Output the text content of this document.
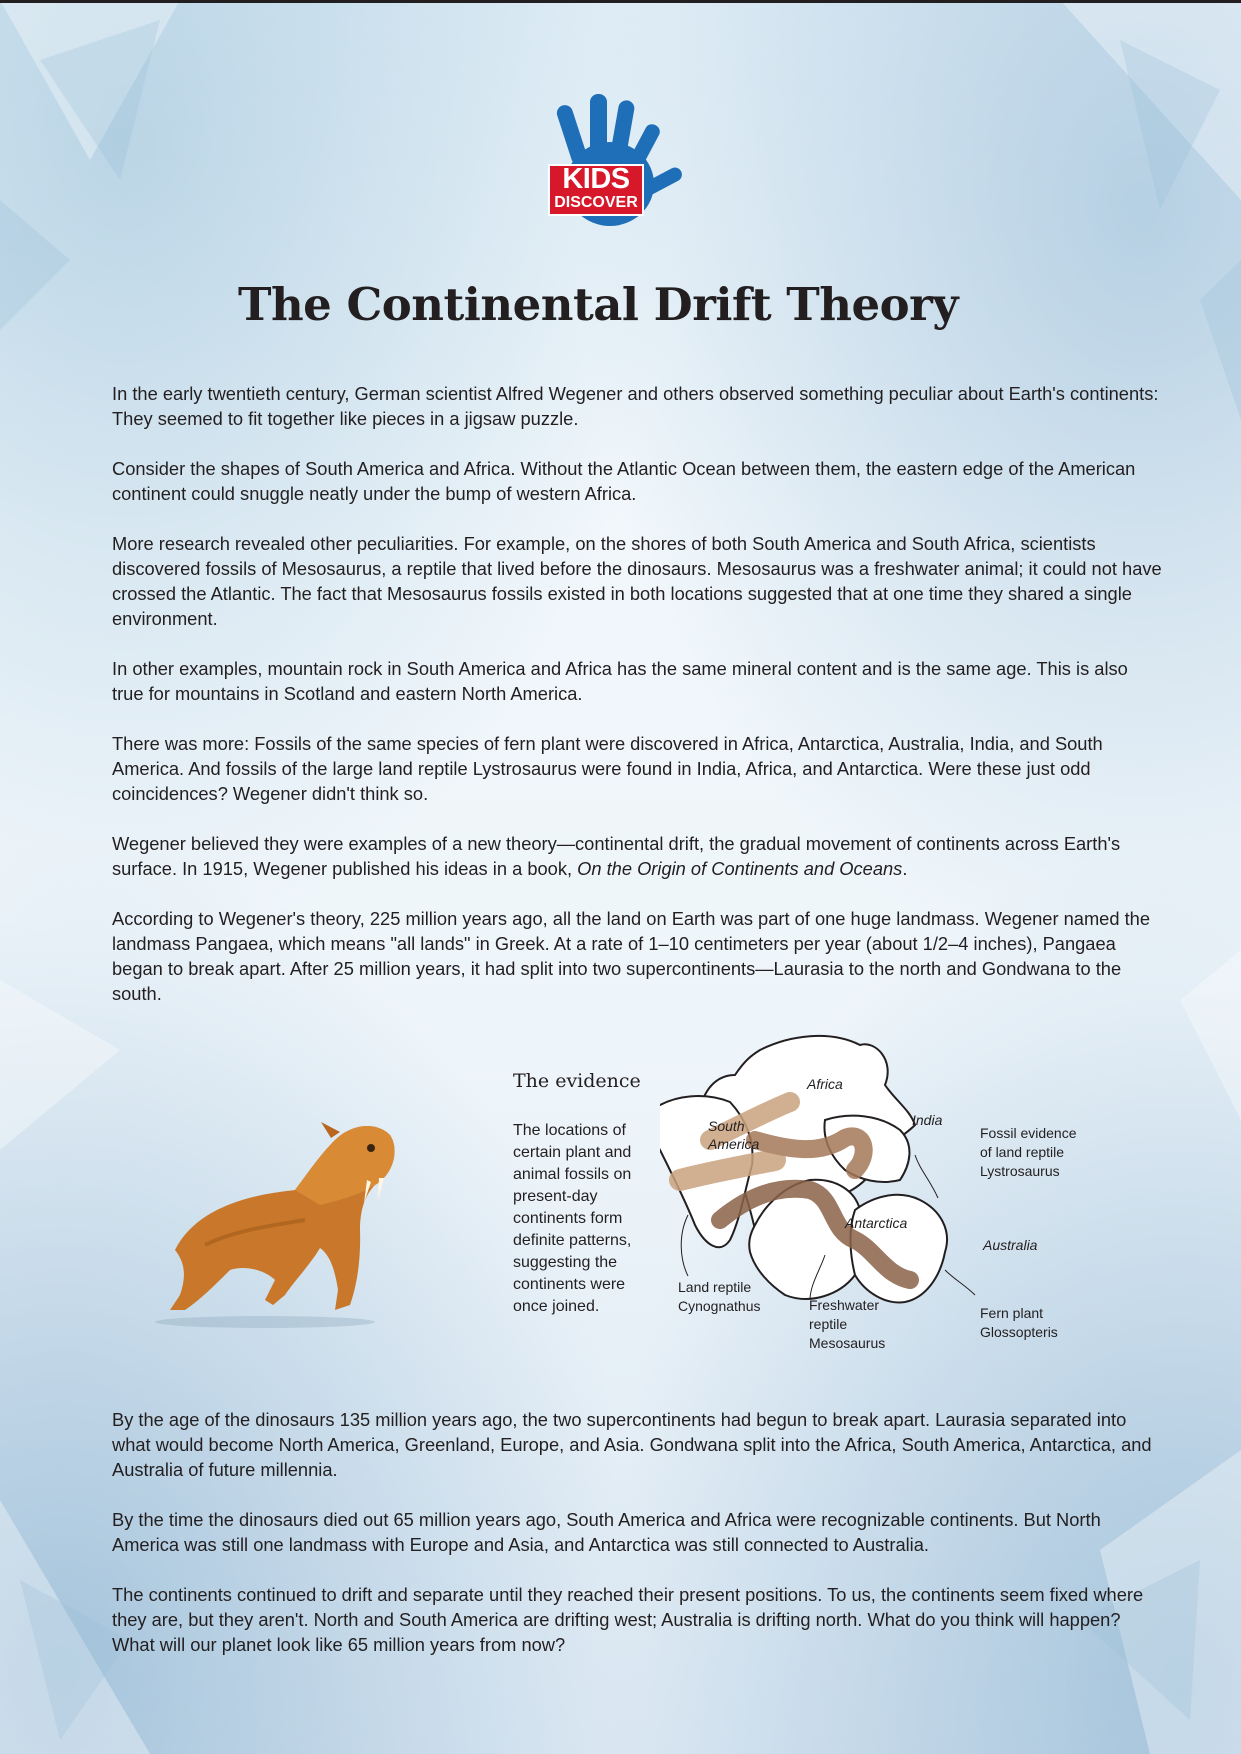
KIDS
DISCOVER
The Continental Drift Theory

In the early twentieth century, German scientist Alfred Wegener and others observed something peculiar about Earth's continents: They seemed to fit together like pieces in a jigsaw puzzle.

Consider the shapes of South America and Africa. Without the Atlantic Ocean between them, the eastern edge of the American continent could snuggle neatly under the bump of western Africa.

More research revealed other peculiarities. For example, on the shores of both South America and South Africa, scientists discovered fossils of Mesosaurus, a reptile that lived before the dinosaurs. Mesosaurus was a freshwater animal; it could not have crossed the Atlantic. The fact that Mesosaurus fossils existed in both locations suggested that at one time they shared a single environment.

In other examples, mountain rock in South America and Africa has the same mineral content and is the same age. This is also true for mountains in Scotland and eastern North America.

There was more: Fossils of the same species of fern plant were discovered in Africa, Antarctica, Australia, India, and South America. And fossils of the large land reptile Lystrosaurus were found in India, Africa, and Antarctica. Were these just odd coincidences? Wegener didn't think so.

Wegener believed they were examples of a new theory—continental drift, the gradual movement of continents across Earth's surface. In 1915, Wegener published his ideas in a book, On the Origin of Continents and Oceans.

According to Wegener's theory, 225 million years ago, all the land on Earth was part of one huge landmass. Wegener named the landmass Pangaea, which means "all lands" in Greek. At a rate of 1–10 centimeters per year (about 1/2–4 inches), Pangaea began to break apart. After 25 million years, it had split into two supercontinents—Laurasia to the north and Gondwana to the south.

The evidence
The locations of certain plant and animal fossils on present-day continents form definite patterns, suggesting the continents were once joined.
Africa
South
America
India
Antarctica
Australia
Fossil evidence
of land reptile
Lystrosaurus
Land reptile
Cynognathus	Freshwater
reptile
Mesosaurus
Fern plant
Glossopteris

By the age of the dinosaurs 135 million years ago, the two supercontinents had begun to break apart. Laurasia separated into what would become North America, Greenland, Europe, and Asia. Gondwana split into the Africa, South America, Antarctica, and Australia of future millennia.

By the time the dinosaurs died out 65 million years ago, South America and Africa were recognizable continents. But North America was still one landmass with Europe and Asia, and Antarctica was still connected to Australia.

The continents continued to drift and separate until they reached their present positions. To us, the continents seem fixed where they are, but they aren't. North and South America are drifting west; Australia is drifting north. What do you think will happen? What will our planet look like 65 million years from now?
